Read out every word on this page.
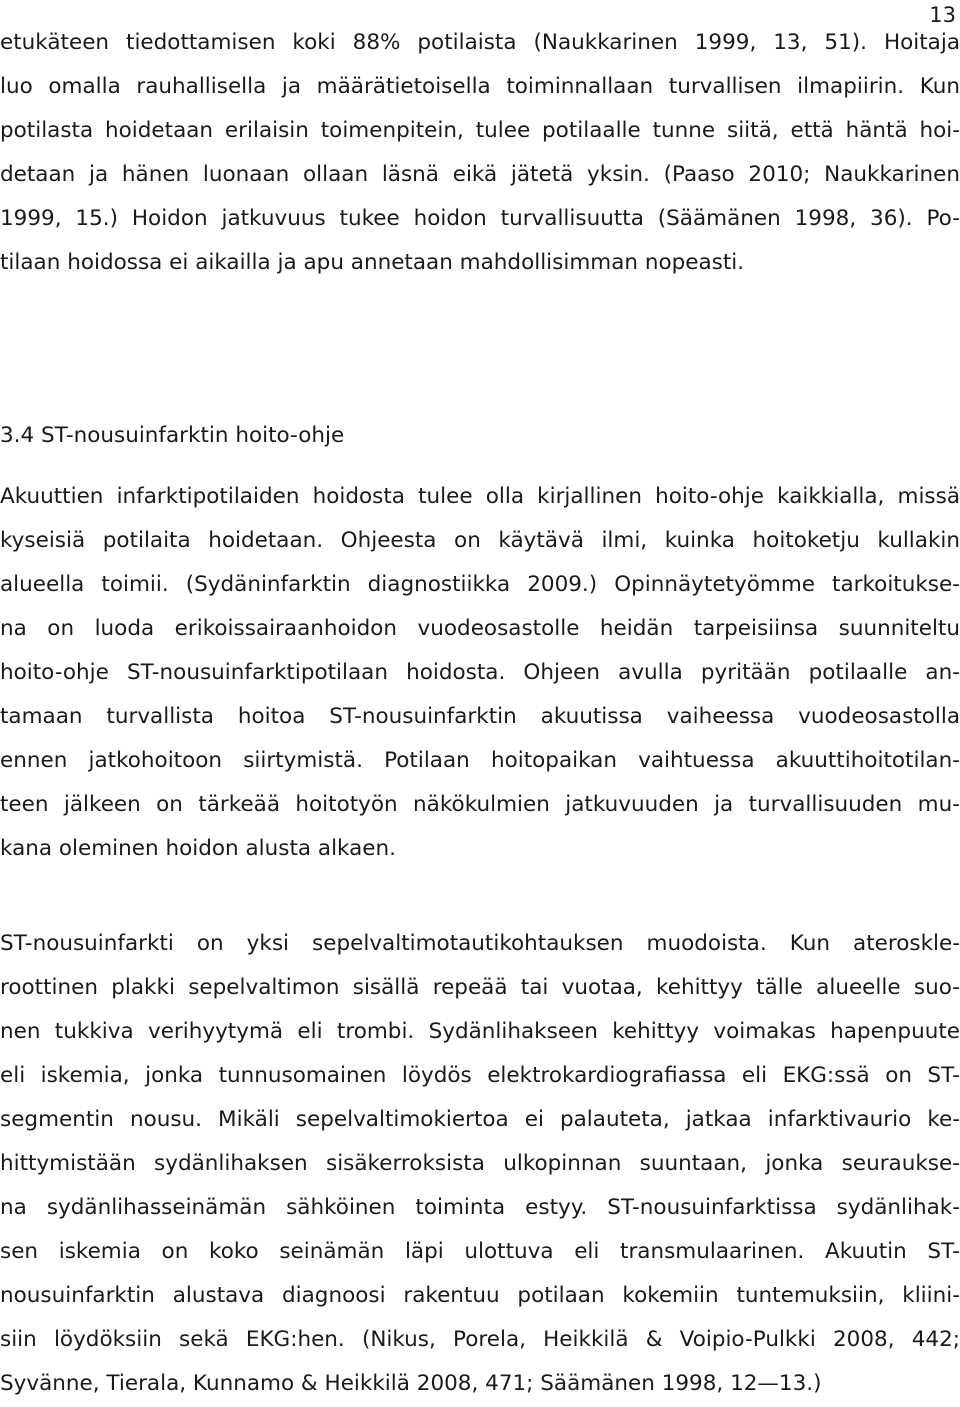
13
etukäteen tiedottamisen koki 88% potilaista (Naukkarinen 1999, 13, 51). Hoitaja
luo omalla rauhallisella ja määrätietoisella toiminnallaan turvallisen ilmapiirin. Kun
potilasta hoidetaan erilaisin toimenpitein, tulee potilaalle tunne siitä, että häntä hoi-
detaan ja hänen luonaan ollaan läsnä eikä jätetä yksin. (Paaso 2010; Naukkarinen
1999, 15.) Hoidon jatkuvuus tukee hoidon turvallisuutta (Säämänen 1998, 36). Po-
tilaan hoidossa ei aikailla ja apu annetaan mahdollisimman nopeasti.
3.4 ST-nousuinfarktin hoito-ohje
Akuuttien infarktipotilaiden hoidosta tulee olla kirjallinen hoito-ohje kaikkialla, missä
kyseisiä potilaita hoidetaan. Ohjeesta on käytävä ilmi, kuinka hoitoketju kullakin
alueella toimii. (Sydäninfarktin diagnostiikka 2009.) Opinnäytetyömme tarkoitukse-
na on luoda erikoissairaanhoidon vuodeosastolle heidän tarpeisiinsa suunniteltu
hoito-ohje ST-nousuinfarktipotilaan hoidosta. Ohjeen avulla pyritään potilaalle an-
tamaan turvallista hoitoa ST-nousuinfarktin akuutissa vaiheessa vuodeosastolla
ennen jatkohoitoon siirtymistä. Potilaan hoitopaikan vaihtuessa akuuttihoitotilan-
teen jälkeen on tärkeää hoitotyön näkökulmien jatkuvuuden ja turvallisuuden mu-
kana oleminen hoidon alusta alkaen.
ST-nousuinfarkti on yksi sepelvaltimotautikohtauksen muodoista. Kun ateroskle-
roottinen plakki sepelvaltimon sisällä repeää tai vuotaa, kehittyy tälle alueelle suo-
nen tukkiva verihyytymä eli trombi. Sydänlihakseen kehittyy voimakas hapenpuute
eli iskemia, jonka tunnusomainen löydös elektrokardiografiassa eli EKG:ssä on ST-
segmentin nousu. Mikäli sepelvaltimokiertoa ei palauteta, jatkaa infarktivaurio ke-
hittymistään sydänlihaksen sisäkerroksista ulkopinnan suuntaan, jonka seurauksе-
na sydänlihasseinämän sähköinen toiminta estyy. ST-nousuinfarktissa sydänlihak-
sen iskemia on koko seinämän läpi ulottuva eli transmulaarinen. Akuutin ST-
nousuinfarktin alustava diagnoosi rakentuu potilaan kokemiin tuntemuksiin, kliini-
siin löydöksiin sekä EKG:hen. (Nikus, Porela, Heikkilä & Voipio-Pulkki 2008, 442;
Syvänne, Tierala, Kunnamo & Heikkilä 2008, 471; Säämänen 1998, 12—13.)
